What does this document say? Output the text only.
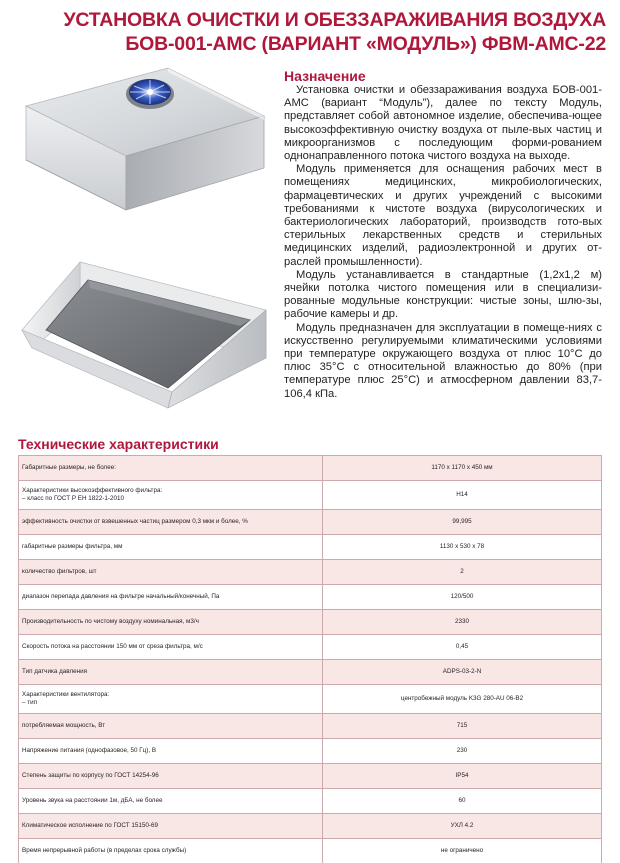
УСТАНОВКА ОЧИСТКИ И ОБЕЗЗАРАЖИВАНИЯ ВОЗДУХА
БОВ-001-АМС (ВАРИАНТ «МОДУЛЬ») ФВМ-АМС-22
Назначение

Установка очистки и обеззараживания воздуха БОВ-001-АМС (вариант “Модуль”), далее по тексту Модуль, представляет собой автономное изделие, обеспечива-ющее высокоэффективную очистку воздуха от пыле-вых частиц и микроорганизмов с последующим форми-рованием однонаправленного потока чистого воздуха на выходе.

Модуль применяется для оснащения рабочих мест в помещениях медицинских, микробиологических, фармацевтических и других учреждений с высокими требованиями к чистоте воздуха (вирусологических и бактериологических лабораторий, производств гото-вых стерильных лекарственных средств и стерильных медицинских изделий, радиоэлектронной и других от-раслей промышленности).

Модуль устанавливается в стандартные (1,2х1,2 м) ячейки потолка чистого помещения или в специализи-рованные модульные конструкции: чистые зоны, шлю-зы, рабочие камеры и др.

Модуль предназначен для эксплуатации в помеще-ниях с искусственно регулируемыми климатическими условиями при температуре окружающего воздуха от плюс 10°С до плюс 35°С с относительной влажностью до 80% (при температуре плюс 25°С) и атмосферном давлении 83,7-106,4 кПа.

Технические характеристики
Габаритные размеры, не более:	1170 х 1170 х 450 мм

Характеристики высокоэффективного фильтра:
– класс по ГОСТ Р ЕН 1822-1-2010	Н14
эффективность очистки от взвешенных частиц размером 0,3 мкм и более, %	99,995
габаритные размеры фильтра, мм	1130 х 530 х 78
количество фильтров, шт	2
диапазон перепада давления на фильтре начальный/конечный, Па	120/500
Производительность по чистому воздуху номинальная, м3/ч	2330
Скорость потока на расстоянии 150 мм от среза фильтра, м/с	0,45
Тип датчика давления	ADPS-03-2-N

Характеристики вентилятора:
– тип	центробежный модуль K3G 280-AU 06-B2
потребляемая мощность, Вт	715
Напряжение питания (однофазовое, 50 Гц), В	230
Степень защиты по корпусу по ГОСТ 14254-96	IP54
Уровень звука на расстоянии 1м, дБА, не более	60
Климатическое исполнение по ГОСТ 15150-69	УХЛ 4.2
Время непрерывной работы (в пределах срока службы)	не ограничено
